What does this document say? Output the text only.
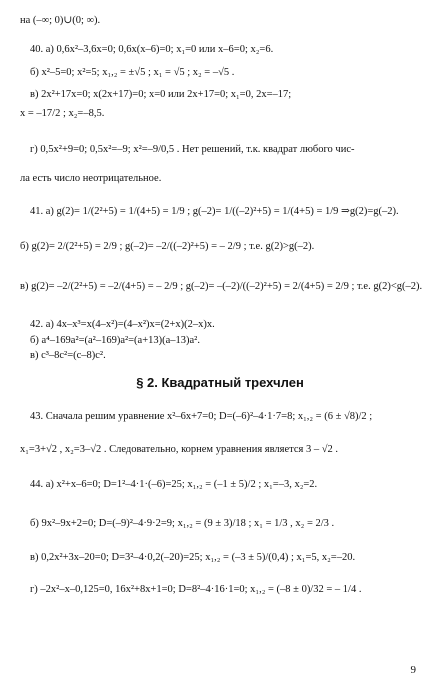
на (–∞; 0)∪(0; ∞).
40. а) 0,6x²–3,6x=0; 0,6x(x–6)=0; x₁=0 или x–6=0; x₂=6.
б) x²–5=0; x²=5; x₁,₂ = ±√5 ; x₁ = √5 ; x₂ = –√5 .
в) 2x²+17x=0; x(2x+17)=0; x=0 или 2x+17=0; x₁=0, 2x=–17;
x = –17/2 ; x₂=–8,5.
г) 0,5x²+9=0; 0,5x²=–9; x²=–9/0,5 . Нет решений, т.к. квадрат любого чис-
ла есть число неотрицательное.
41. а) g(2)= 1/(2²+5) = 1/(4+5) = 1/9 ; g(–2)= 1/((–2)²+5) = 1/(4+5) = 1/9 ⇒g(2)=g(–2).
б) g(2)= 2/(2²+5) = 2/9 ; g(–2)= –2/((–2)²+5) = – 2/9 ; т.е. g(2)>g(–2).
в) g(2)= –2/(2²+5) = –2/(4+5) = – 2/9 ; g(–2)= –(–2)/((–2)²+5) = 2/(4+5) = 2/9 ; т.е. g(2)<g(–2).
42. а) 4x–x³=x(4–x²)=(4–x²)x=(2+x)(2–x)x.
б) a⁴–169a²=(a²–169)a²=(a+13)(a–13)a².
в) c³–8c²=(c–8)c².
§ 2. Квадратный трехчлен
43. Сначала решим уравнение x²–6x+7=0; D=(–6)²–4·1·7=8; x₁,₂ = (6 ± √8)/2 ;
x₁=3+√2 , x₂=3–√2 . Следовательно, корнем уравнения является 3 – √2 .
44. а) x²+x–6=0; D=1²–4·1·(–6)=25; x₁,₂ = (–1 ± 5)/2 ; x₁=–3, x₂=2.
б) 9x²–9x+2=0; D=(–9)²–4·9·2=9; x₁,₂ = (9 ± 3)/18 ; x₁ = 1/3 , x₂ = 2/3 .
в) 0,2x²+3x–20=0; D=3²–4·0,2(–20)=25; x₁,₂ = (–3 ± 5)/(0,4) ; x₁=5, x₂=–20.
г) –2x²–x–0,125=0, 16x²+8x+1=0; D=8²–4·16·1=0; x₁,₂ = (–8 ± 0)/32 = – 1/4 .
9
